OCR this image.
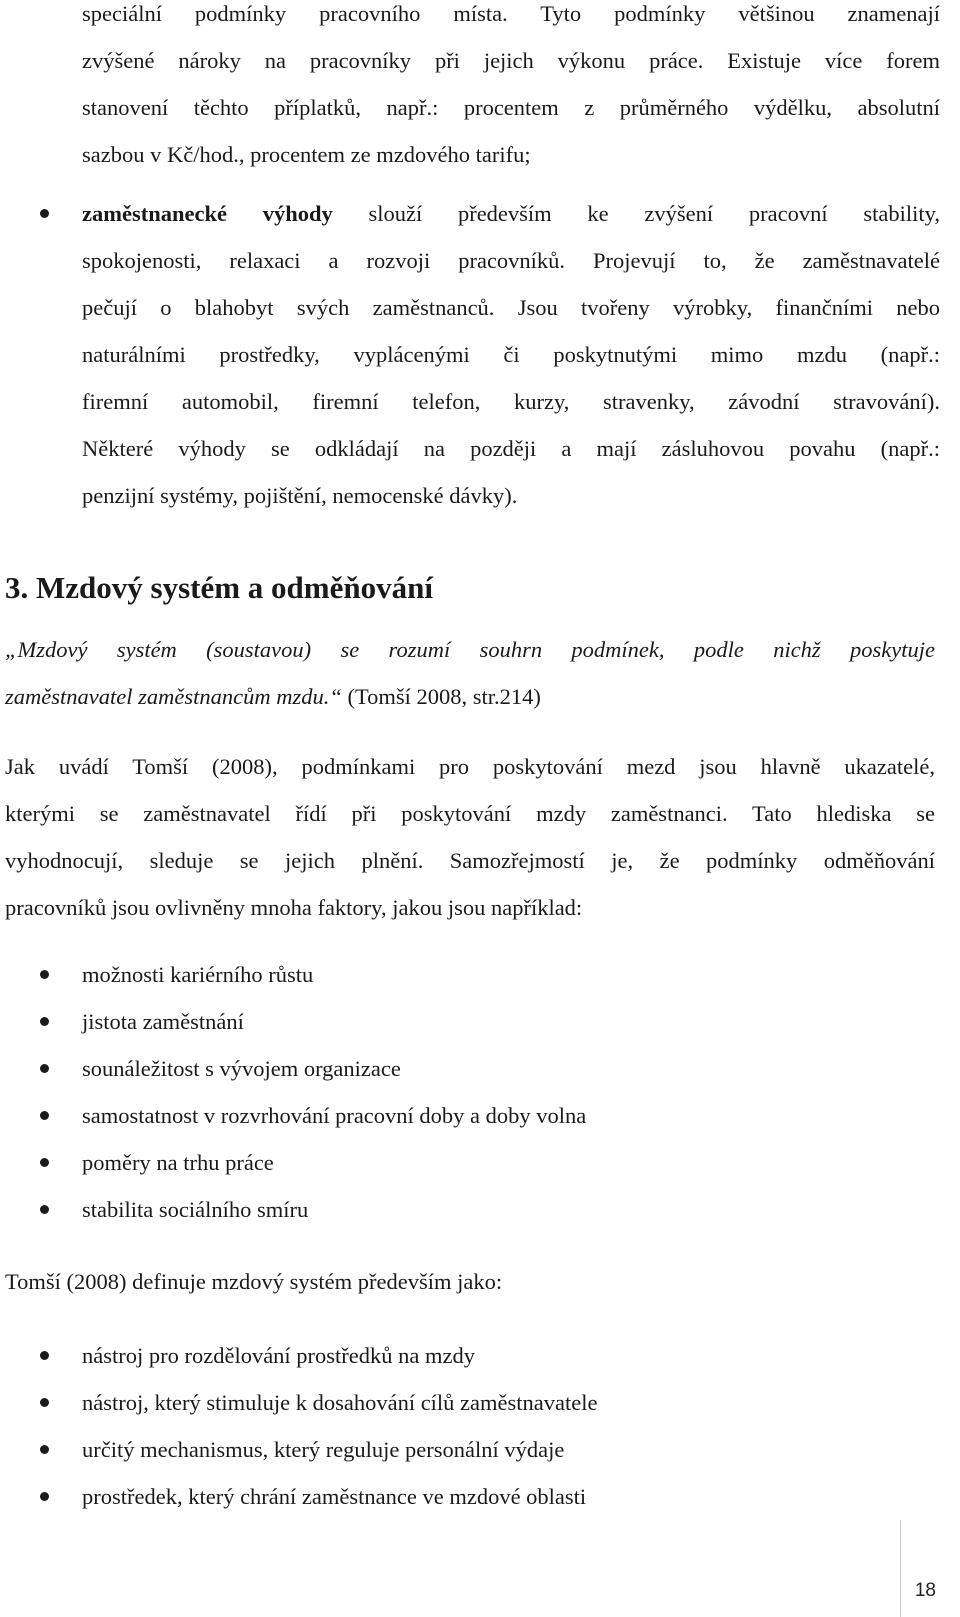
speciální podmínky pracovního místa. Tyto podmínky většinou znamenají
zvýšené nároky na pracovníky při jejich výkonu práce. Existuje více forem
stanovení těchto příplatků, např.: procentem z průměrného výdělku, absolutní
sazbou v Kč/hod., procentem ze mzdového tarifu;
zaměstnanecké výhody slouží především ke zvýšení pracovní stability,
spokojenosti, relaxaci a rozvoji pracovníků. Projevují to, že zaměstnavatelé
pečují o blahobyt svých zaměstnanců. Jsou tvořeny výrobky, finančními nebo
naturálními prostředky, vyplácenými či poskytnutými mimo mzdu (např.:
firemní automobil, firemní telefon, kurzy, stravenky, závodní stravování).
Některé výhody se odkládají na později a mají zásluhovou povahu (např.:
penzijní systémy, pojištění, nemocenské dávky).
3. Mzdový systém a odměňování
„Mzdový systém (soustavou) se rozumí souhrn podmínek, podle nichž poskytuje
zaměstnavatel zaměstnancům mzdu.“ (Tomší 2008, str.214)
Jak uvádí Tomší (2008), podmínkami pro poskytování mezd jsou hlavně ukazatelé,
kterými se zaměstnavatel řídí při poskytování mzdy zaměstnanci. Tato hlediska se
vyhodnocují, sleduje se jejich plnění. Samozřejmostí je, že podmínky odměňování
pracovníků jsou ovlivněny mnoha faktory, jakou jsou například:
možnosti kariérního růstu
jistota zaměstnání
sounáležitost s vývojem organizace
samostatnost v rozvrhování pracovní doby a doby volna
poměry na trhu práce
stabilita sociálního smíru
Tomší (2008) definuje mzdový systém především jako:
nástroj pro rozdělování prostředků na mzdy
nástroj, který stimuluje k dosahování cílů zaměstnavatele
určitý mechanismus, který reguluje personální výdaje
prostředek, který chrání zaměstnance ve mzdové oblasti
18
